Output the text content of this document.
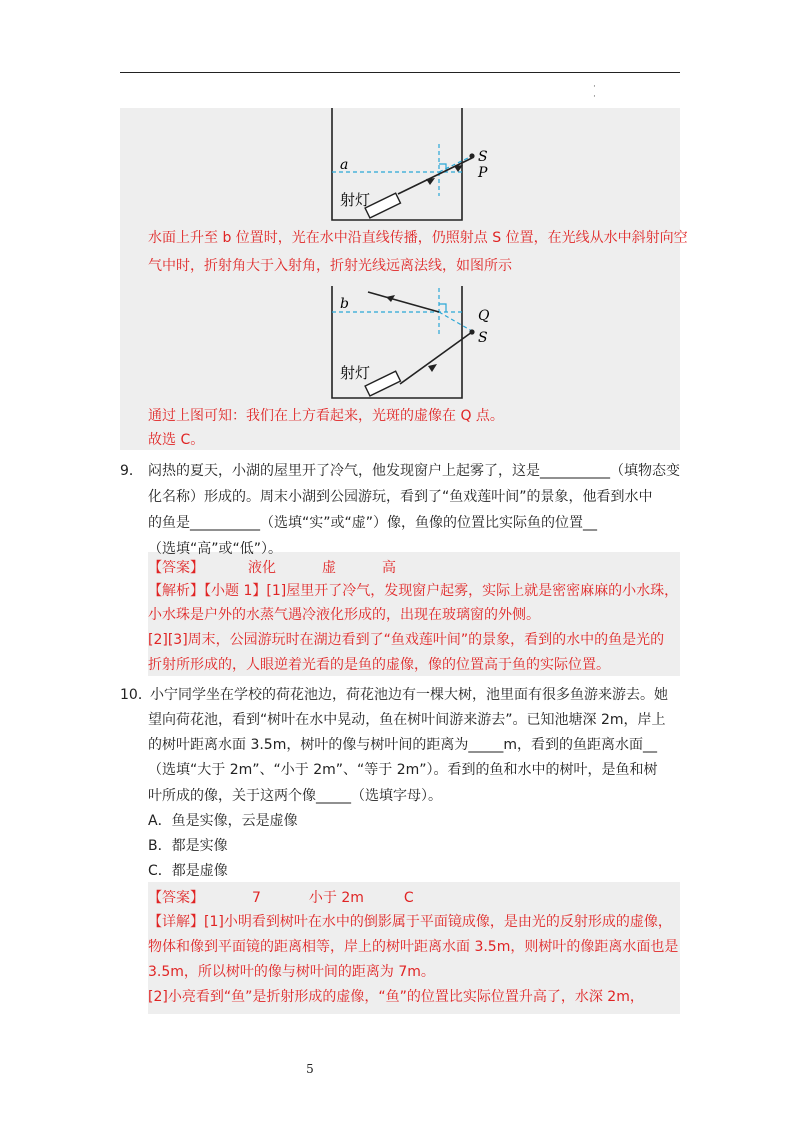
·
·
a	S
P
射灯
水面上升至 b 位置时，光在水中沿直线传播，仍照射点 S 位置，在光线从水中斜射向空
气中时，折射角大于入射角，折射光线远离法线，如图所示
b
Q
S
射灯
通过上图可知：我们在上方看起来，光斑的虚像在 Q 点。
故选 C。
9． 闷热的夏天，小湖的屋里开了冷气，他发现窗户上起雾了，这是__________（填物态变
化名称）形成的。周末小湖到公园游玩，看到了“鱼戏莲叶间”的景象，他看到水中
的鱼是__________（选填“实”或“虚”）像，鱼像的位置比实际鱼的位置__
（选填“高”或“低”）。
【答案】	液化	虚	高
【解析】【小题 1】[1]屋里开了冷气，发现窗户起雾，实际上就是密密麻麻的小水珠，
小水珠是户外的水蒸气遇冷液化形成的，出现在玻璃窗的外侧。
[2][3]周末，公园游玩时在湖边看到了“鱼戏莲叶间”的景象，看到的水中的鱼是光的
折射所形成的，人眼逆着光看的是鱼的虚像，像的位置高于鱼的实际位置。
10．
小宁同学坐在学校的荷花池边，荷花池边有一棵大树，池里面有很多鱼游来游去。她
望向荷花池，看到“树叶在水中晃动，鱼在树叶间游来游去”。已知池塘深 2m，岸上
的树叶距离水面 3.5m，树叶的像与树叶间的距离为_____m，看到的鱼距离水面__
（选填“大于 2m”、“小于 2m”、“等于 2m”）。看到的鱼和水中的树叶，是鱼和树
叶所成的像，关于这两个像_____（选填字母）。
A．鱼是实像，云是虚像
B．都是实像
C．都是虚像
【答案】	7	小于 2m	C
【详解】[1]小明看到树叶在水中的倒影属于平面镜成像，是由光的反射形成的虚像，
物体和像到平面镜的距离相等，岸上的树叶距离水面 3.5m，则树叶的像距离水面也是
3.5m，所以树叶的像与树叶间的距离为 7m。
[2]小亮看到“鱼”是折射形成的虚像，“鱼”的位置比实际位置升高了，水深 2m，
5
